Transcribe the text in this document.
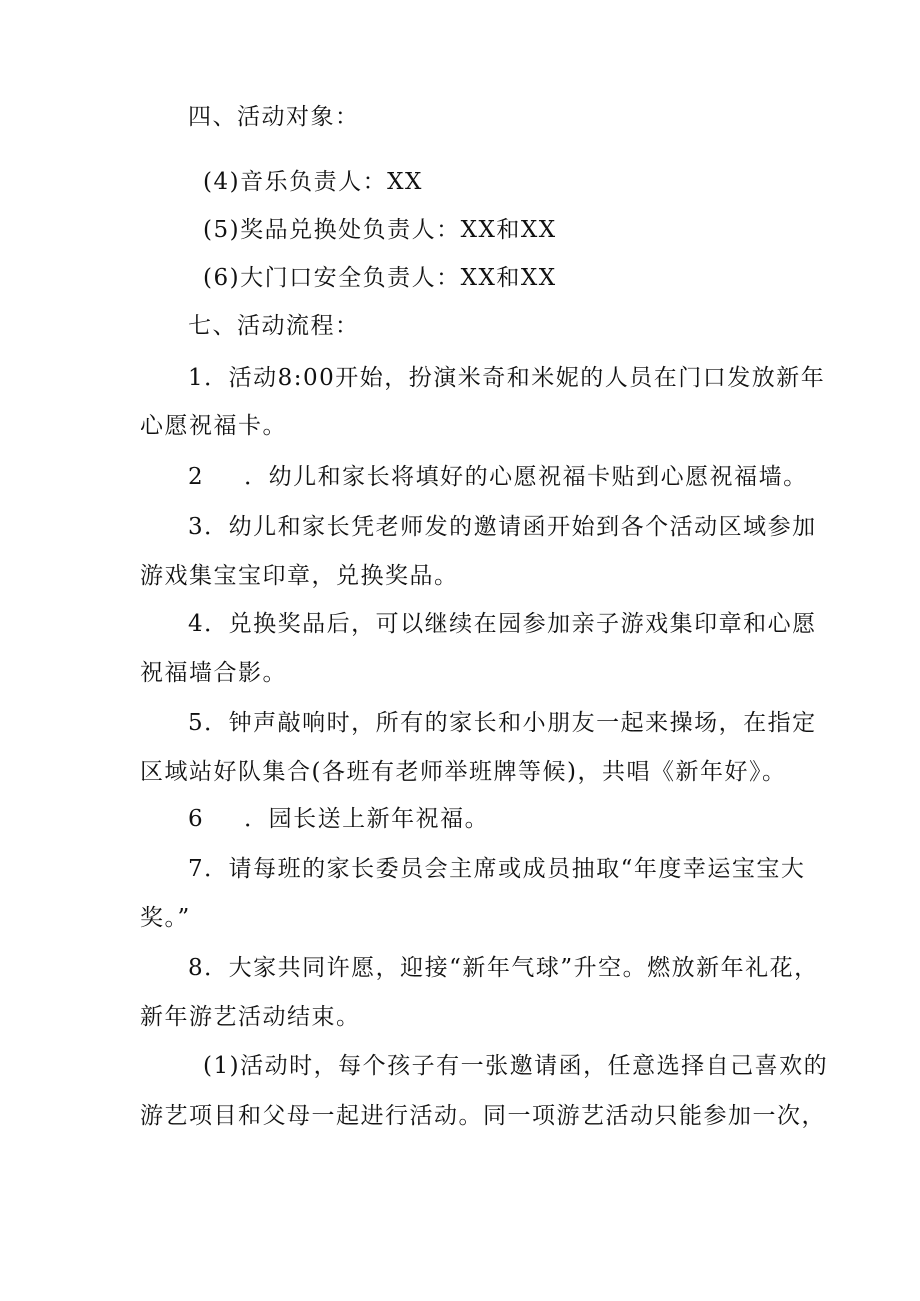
四、活动对象：
(4)音乐负责人：XX
(5)奖品兑换处负责人：XX和XX
(6)大门口安全负责人：XX和XX
七、活动流程：
1．活动8:00开始，扮演米奇和米妮的人员在门口发放新年
心愿祝福卡。
2 ．幼儿和家长将填好的心愿祝福卡贴到心愿祝福墙。
3．幼儿和家长凭老师发的邀请函开始到各个活动区域参加
游戏集宝宝印章，兑换奖品。
4．兑换奖品后，可以继续在园参加亲子游戏集印章和心愿
祝福墙合影。
5．钟声敲响时，所有的家长和小朋友一起来操场，在指定
区域站好队集合(各班有老师举班牌等候)，共唱《新年好》。
6 ．园长送上新年祝福。
7．请每班的家长委员会主席或成员抽取“年度幸运宝宝大
奖。”
8．大家共同许愿，迎接“新年气球”升空。燃放新年礼花，
新年游艺活动结束。
(1)活动时，每个孩子有一张邀请函，任意选择自己喜欢的
游艺项目和父母一起进行活动。同一项游艺活动只能参加一次，
